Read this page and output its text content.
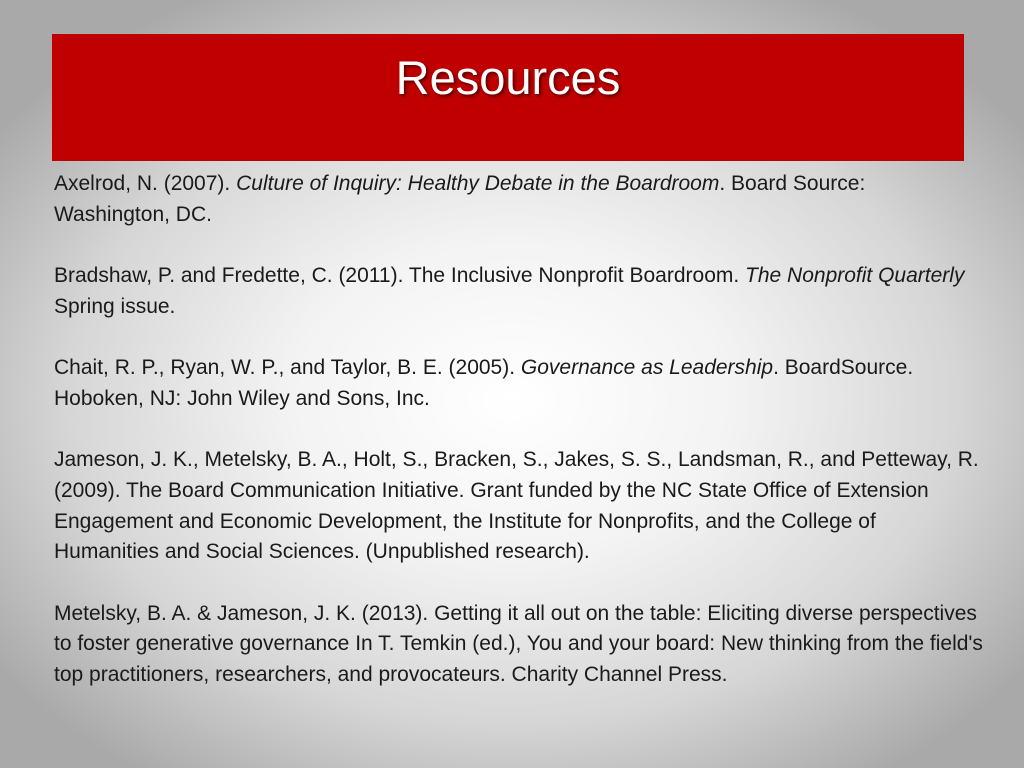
Resources

Axelrod, N. (2007). Culture of Inquiry: Healthy Debate in the Boardroom. Board Source: Washington, DC.

Bradshaw, P. and Fredette, C. (2011). The Inclusive Nonprofit Boardroom. The Nonprofit Quarterly Spring issue.

Chait, R. P., Ryan, W. P., and Taylor, B. E. (2005). Governance as Leadership. BoardSource. Hoboken, NJ: John Wiley and Sons, Inc.

Jameson, J. K., Metelsky, B. A., Holt, S., Bracken, S., Jakes, S. S., Landsman, R., and Petteway, R. (2009). The Board Communication Initiative. Grant funded by the NC State Office of Extension Engagement and Economic Development, the Institute for Nonprofits, and the College of Humanities and Social Sciences. (Unpublished research).

Metelsky, B. A. & Jameson, J. K. (2013). Getting it all out on the table: Eliciting diverse perspectives to foster generative governance In T. Temkin (ed.), You and your board: New thinking from the field's top practitioners, researchers, and provocateurs. Charity Channel Press.
